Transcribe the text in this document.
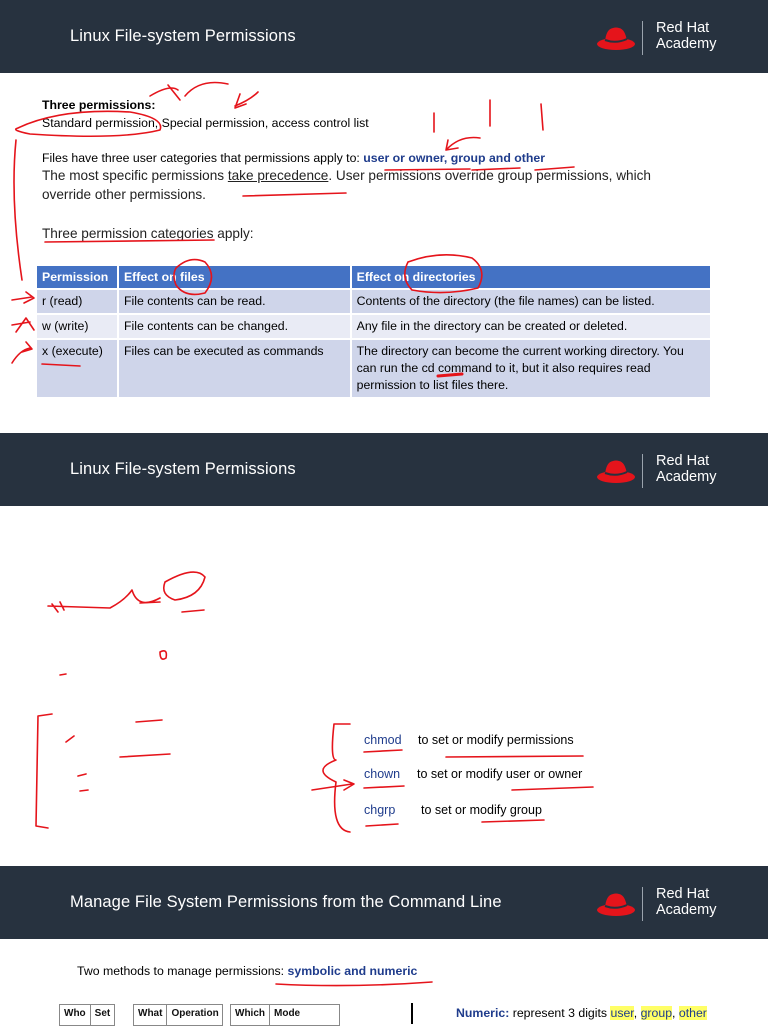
Linux File-system Permissions	Red Hat
Academy
Three permissions:
Standard permission, Special permission, access control list
Files have three user categories that permissions apply to: user or owner, group and other
The most specific permissions take precedence. User permissions override group permissions, which
override other permissions.
Three permission categories apply:
Permission	Effect on files	Effect on directories
r (read)	File contents can be read.	Contents of the directory (the file names) can be listed.
w (write)	File contents can be changed.	Any file in the directory can be created or deleted.
x (execute)	Files can be executed as commands	The directory can become the current working directory. You can run the cd command to it, but it also requires read permission to list files there.
Linux File-system Permissions	Red Hat
Academy
chmod to set or modify permissions
chown to set or modify user or owner
chgrp to set or modify group
Manage File System Permissions from the Command Line	Red Hat
Academy
Two methods to manage permissions: symbolic and numeric
Who Set	What Operation	Which Mode	Numeric: represent 3 digits user, group, other
